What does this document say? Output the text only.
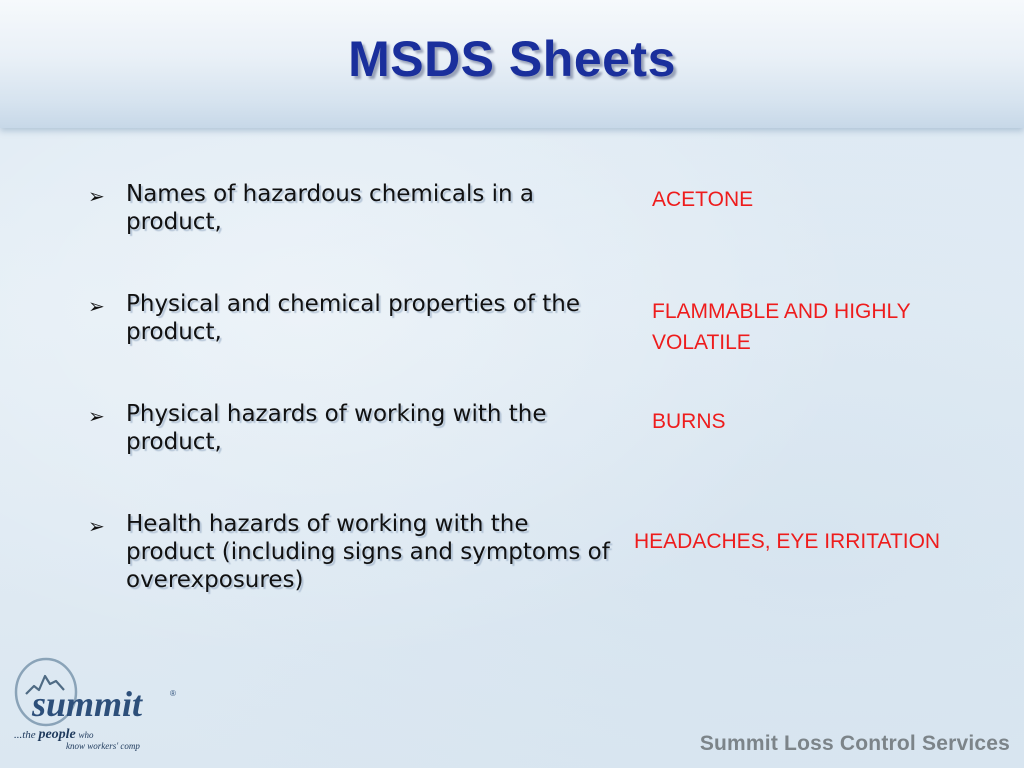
MSDS Sheets
➢ Names of hazardous chemicals in a product,
➢ Physical and chemical properties of the product,
➢ Physical hazards of working with the product,
➢ Health hazards of working with the product (including signs and symptoms of overexposures)
ACETONE
FLAMMABLE AND HIGHLY VOLATILE
BURNS
HEADACHES, EYE IRRITATION
summit	®
...the people who
know workers' comp	Summit Loss Control Services
